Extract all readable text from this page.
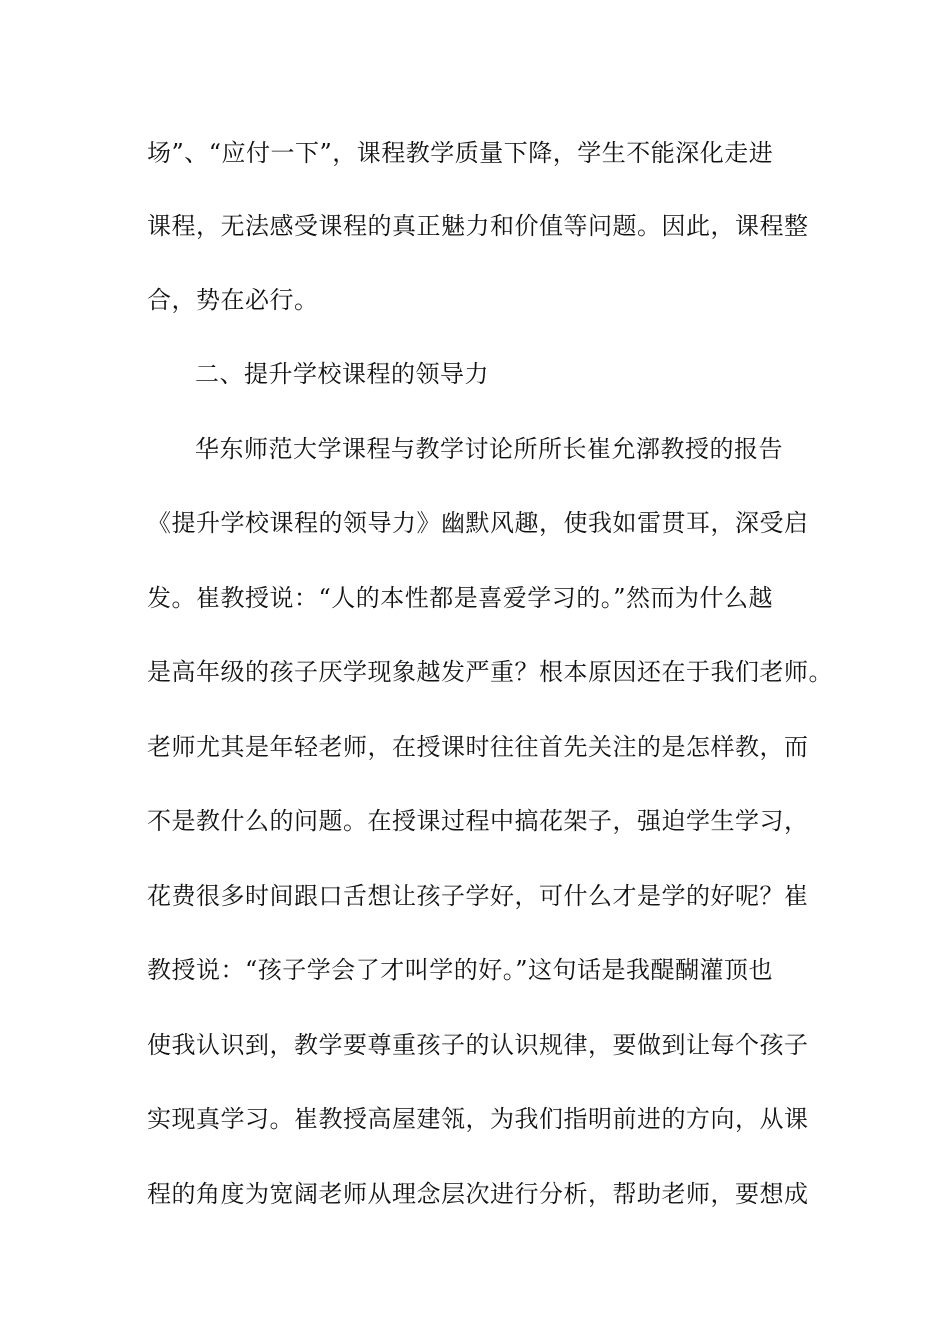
场”、“应付一下”，课程教学质量下降，学生不能深化走进
课程，无法感受课程的真正魅力和价值等问题。因此，课程整
合，势在必行。
二、提升学校课程的领导力
华东师范大学课程与教学讨论所所长崔允漷教授的报告
《提升学校课程的领导力》幽默风趣，使我如雷贯耳，深受启
发。崔教授说：“人的本性都是喜爱学习的。”然而为什么越
是高年级的孩子厌学现象越发严重？根本原因还在于我们老师。
老师尤其是年轻老师，在授课时往往首先关注的是怎样教，而
不是教什么的问题。在授课过程中搞花架子，强迫学生学习，
花费很多时间跟口舌想让孩子学好，可什么才是学的好呢？崔
教授说：“孩子学会了才叫学的好。”这句话是我醍醐灌顶也
使我认识到，教学要尊重孩子的认识规律，要做到让每个孩子
实现真学习。崔教授高屋建瓴，为我们指明前进的方向，从课
程的角度为宽阔老师从理念层次进行分析，帮助老师，要想成
